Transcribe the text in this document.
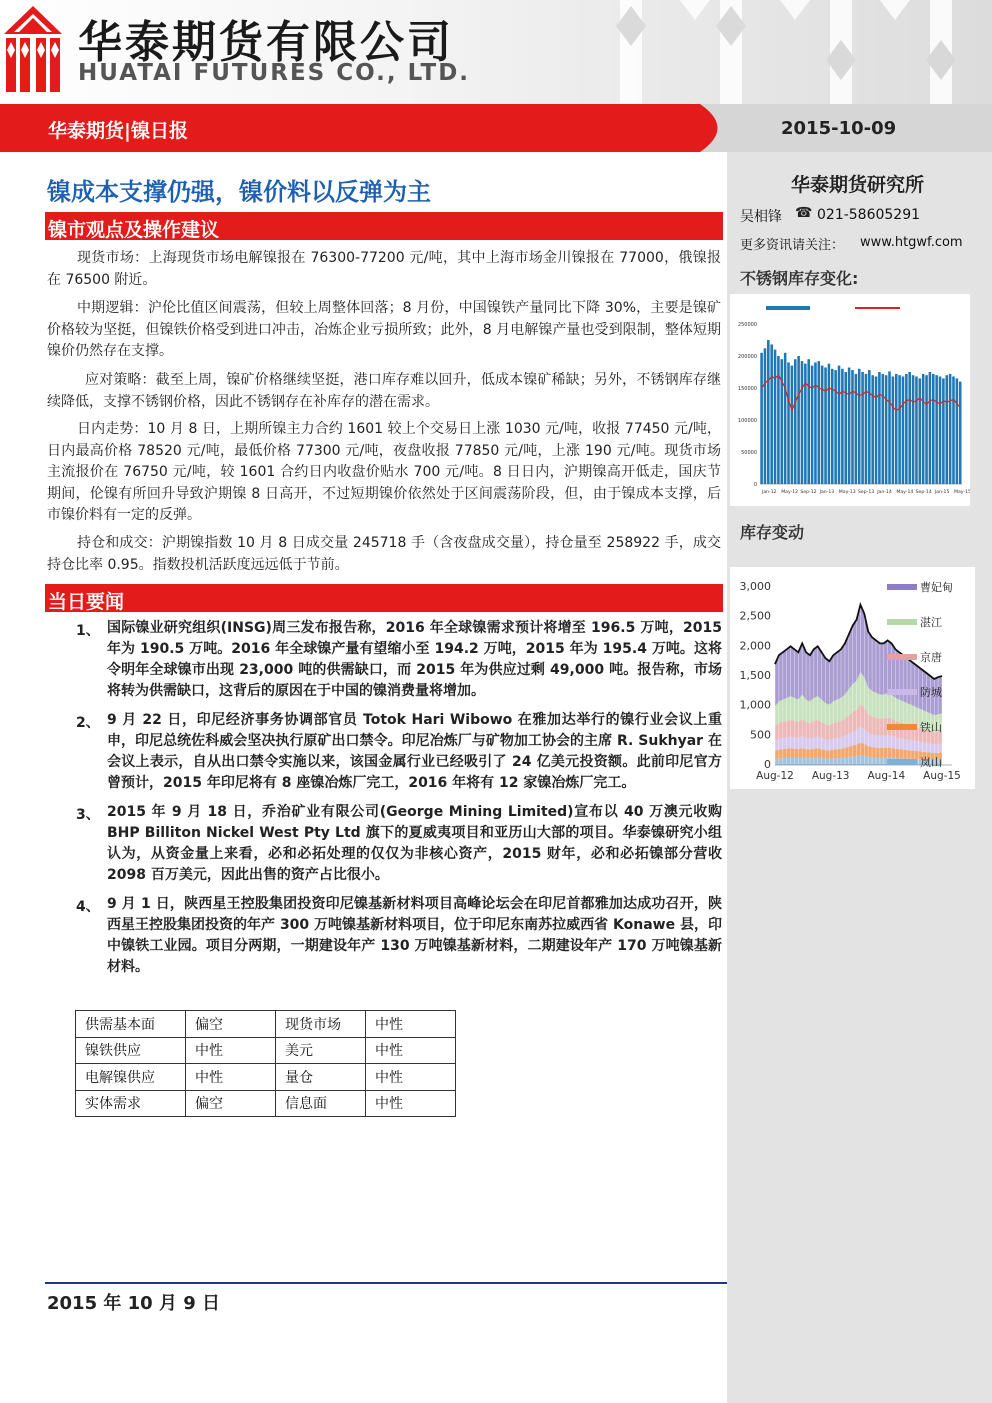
华泰期货有限公司
HUATAI FUTURES CO., LTD.
华泰期货|镍日报	2015-10-09
华泰期货研究所
吴相锋 ☎ 021-58605291
更多资讯请关注： www.htgwf.com
不锈钢库存变化:
0
50000
100000
150000
200000
250000
Jan-12 May-12 Sep-12 Jan-13 May-13 Sep-13 Jan-14 May-14 Sep-14 Jan-15 May-15
库存变动
0
500
1,000
1,500
2,000
2,500
3,000
Aug-12 Aug-13 Aug-14 Aug-15
曹妃甸
湛江
京唐
防城
铁山
岚山
镍成本支撑仍强，镍价料以反弹为主
镍市观点及操作建议
现货市场：上海现货市场电解镍报在 76300-77200 元/吨，其中上海市场金川镍报在 77000，俄镍报在 76500 附近。
中期逻辑：沪伦比值区间震荡，但较上周整体回落；8 月份，中国镍铁产量同比下降 30%，主要是镍矿价格较为坚挺，但镍铁价格受到进口冲击，冶炼企业亏损所致；此外，8 月电解镍产量也受到限制，整体短期镍价仍然存在支撑。
应对策略：截至上周，镍矿价格继续坚挺，港口库存难以回升，低成本镍矿稀缺；另外，不锈钢库存继续降低，支撑不锈钢价格，因此不锈钢存在补库存的潜在需求。
日内走势：10 月 8 日，上期所镍主力合约 1601 较上个交易日上涨 1030 元/吨，收报 77450 元/吨，日内最高价格 78520 元/吨，最低价格 77300 元/吨，夜盘收报 77850 元/吨，上涨 190 元/吨。现货市场主流报价在 76750 元/吨，较 1601 合约日内收盘价贴水 700 元/吨。8 日日内，沪期镍高开低走，国庆节期间，伦镍有所回升导致沪期镍 8 日高开，不过短期镍价依然处于区间震荡阶段，但，由于镍成本支撑，后市镍价料有一定的反弹。
持仓和成交：沪期镍指数 10 月 8 日成交量 245718 手（含夜盘成交量），持仓量至 258922 手，成交持仓比率 0.95。指数投机活跃度远远低于节前。
当日要闻
1、 国际镍业研究组织(INSG)周三发布报告称，2016 年全球镍需求预计将增至 196.5 万吨，2015 年为 190.5 万吨。2016 年全球镍产量有望缩小至 194.2 万吨，2015 年为 195.4 万吨。这将令明年全球镍市出现 23,000 吨的供需缺口，而 2015 年为供应过剩 49,000 吨。报告称，市场将转为供需缺口，这背后的原因在于中国的镍消费量将增加。
2、 9 月 22 日，印尼经济事务协调部官员 Totok Hari Wibowo 在雅加达举行的镍行业会议上重申，印尼总统佐科威会坚决执行原矿出口禁令。印尼冶炼厂与矿物加工协会的主席 R. Sukhyar 在会议上表示，自从出口禁令实施以来，该国金属行业已经吸引了 24 亿美元投资额。此前印尼官方曾预计，2015 年印尼将有 8 座镍冶炼厂完工，2016 年将有 12 家镍冶炼厂完工。
3、 2015 年 9 月 18 日，乔治矿业有限公司(George Mining Limited)宣布以 40 万澳元收购 BHP Billiton Nickel West Pty Ltd 旗下的夏威夷项目和亚历山大部的项目。华泰镍研究小组认为，从资金量上来看，必和必拓处理的仅仅为非核心资产，2015 财年，必和必拓镍部分营收 2098 百万美元，因此出售的资产占比很小。
4、 9 月 1 日，陕西星王控股集团投资印尼镍基新材料项目高峰论坛会在印尼首都雅加达成功召开，陕西星王控股集团投资的年产 300 万吨镍基新材料项目，位于印尼东南苏拉威西省 Konawe 县，印中镍铁工业园。项目分两期，一期建设年产 130 万吨镍基新材料，二期建设年产 170 万吨镍基新材料。
供需基本面	偏空	现货市场	中性
镍铁供应	中性	美元	中性
电解镍供应	中性	量仓	中性
实体需求	偏空	信息面	中性
2015 年 10 月 9 日
